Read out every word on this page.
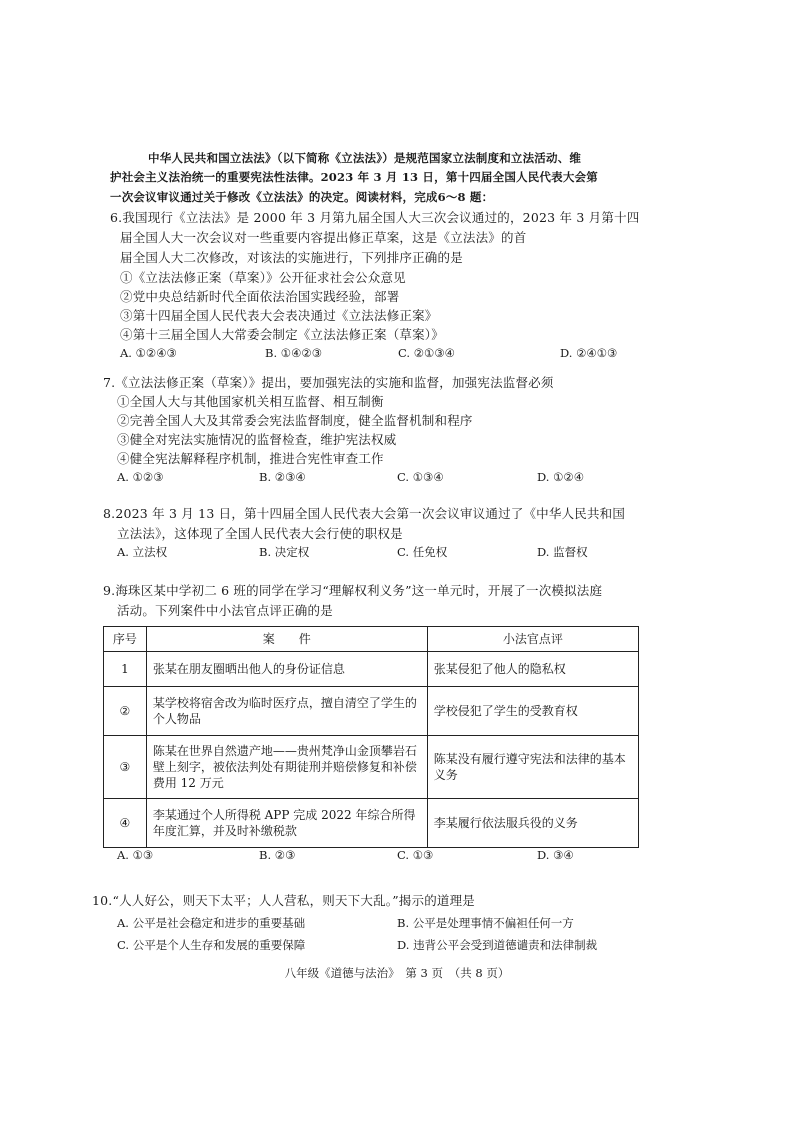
中华人民共和国立法法》（以下简称《立法法》）是规范国家立法制度和立法活动、维
护社会主义法治统一的重要宪法性法律。2023 年 3 月 13 日，第十四届全国人民代表大会第
一次会议审议通过关于修改《立法法》的决定。阅读材料，完成6～8 题：
6.我国现行《立法法》是 2000 年 3 月第九届全国人大三次会议通过的，2023 年 3 月第十四
届全国人大一次会议对一些重要内容提出修正草案，这是《立法法》的首
届全国人大二次修改，对该法的实施进行，下列排序正确的是
①《立法法修正案（草案）》公开征求社会公众意见
②党中央总结新时代全面依法治国实践经验，部署
③第十四届全国人民代表大会表决通过《立法法修正案》
④第十三届全国人大常委会制定《立法法修正案（草案）》
A. ①②④③	B. ①④②③	C. ②①③④	D. ②④①③
7.《立法法修正案（草案）》提出，要加强宪法的实施和监督，加强宪法监督必须
①全国人大与其他国家机关相互监督、相互制衡
②完善全国人大及其常委会宪法监督制度，健全监督机制和程序
③健全对宪法实施情况的监督检查，维护宪法权威
④健全宪法解释程序机制，推进合宪性审查工作
A. ①②③	B. ②③④	C. ①③④	D. ①②④
8.2023 年 3 月 13 日，第十四届全国人民代表大会第一次会议审议通过了《中华人民共和国
立法法》，这体现了全国人民代表大会行使的职权是
A. 立法权	B. 决定权	C. 任免权	D. 监督权
9.海珠区某中学初二 6 班的同学在学习“理解权利义务”这一单元时，开展了一次模拟法庭
活动。下列案件中小法官点评正确的是
序号	案　　件	小法官点评
1	张某在朋友圈晒出他人的身份证信息	张某侵犯了他人的隐私权
②	某学校将宿舍改为临时医疗点，擅自清空了学生的个人物品	学校侵犯了学生的受教育权
③	陈某在世界自然遗产地——贵州梵净山金顶攀岩石壁上刻字，被依法判处有期徒刑并赔偿修复和补偿费用 12 万元	陈某没有履行遵守宪法和法律的基本义务
④	李某通过个人所得税 APP 完成 2022 年综合所得年度汇算，并及时补缴税款	李某履行依法服兵役的义务
A. ①③	B. ②③	C. ①③	D. ③④
10.“人人好公，则天下太平；人人营私，则天下大乱。”揭示的道理是
A. 公平是社会稳定和进步的重要基础	B. 公平是处理事情不偏袒任何一方
C. 公平是个人生存和发展的重要保障	D. 违背公平会受到道德谴责和法律制裁
八年级《道德与法治》　第 3 页　（共 8 页）
